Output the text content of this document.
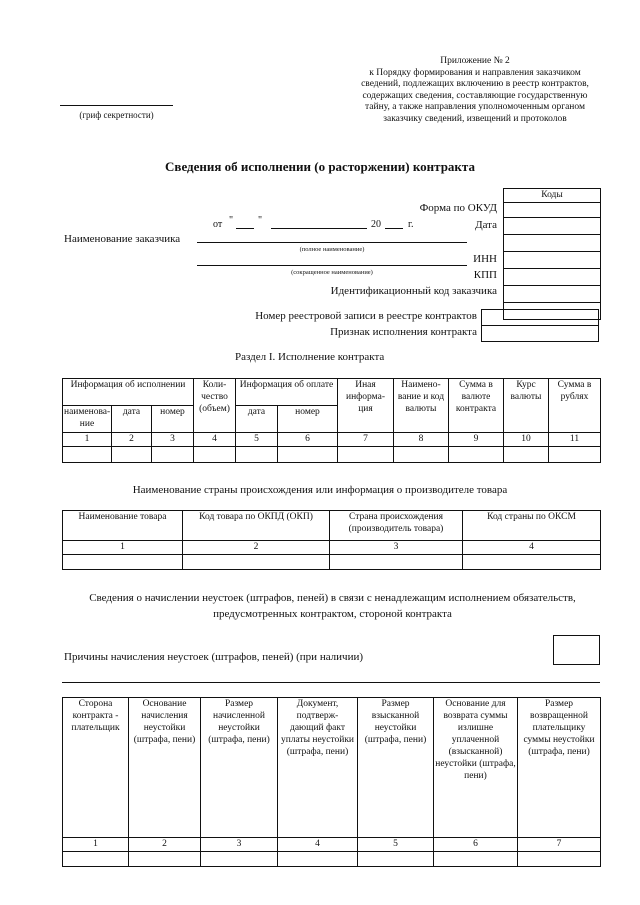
Приложение № 2
к Порядку формирования и направления заказчиком
сведений, подлежащих включению в реестр контрактов,
содержащих сведения, составляющие государственную
тайну, а также направления уполномоченным органом
заказчику сведений, извещений и протоколов
(гриф секретности)
Сведения об исполнении (о расторжении) контракта
Коды

Форма по ОКУД
от " "	20	г.	Дата
Наименование заказчика
(полное наименование)
ИНН
(сокращенное наименование)	КПП
Идентификационный код заказчика
Номер реестровой записи в реестре контрактов
Признак исполнения контракта
Раздел I. Исполнение контракта
Информация об исполнении			Коли- чество (объем)	Информация об оплате		Иная информа- ция	Наимено- вание и код валюты	Сумма в валюте контракта	Курс валюты	Сумма в рублях
наименова- ние	дата	номер		дата	номер					
1	2	3	4	5	6	7	8	9	10	11

Наименование страны происхождения или информация о производителе товара
Наименование товара	Код товара по ОКПД (ОКП)	Страна происхождения (производитель товара)	Код страны по ОКСМ
1	2	3	4

Сведения о начислении неустоек (штрафов, пеней) в связи с ненадлежащим исполнением обязательств, предусмотренных контрактом, стороной контракта
Причины начисления неустоек (штрафов, пеней) (при наличии)
Сторона контракта - плательщик	Основание начисления неустойки (штрафа, пени)	Размер начисленной неустойки (штрафа, пени)	Документ, подтверж- дающий факт уплаты неустойки (штрафа, пени)	Размер взысканной неустойки (штрафа, пени)	Основание для возврата суммы излишне уплаченной (взысканной) неустойки (штрафа, пени)	Размер возвращенной плательщику суммы неустойки (штрафа, пени)
1	2	3	4	5	6	7
